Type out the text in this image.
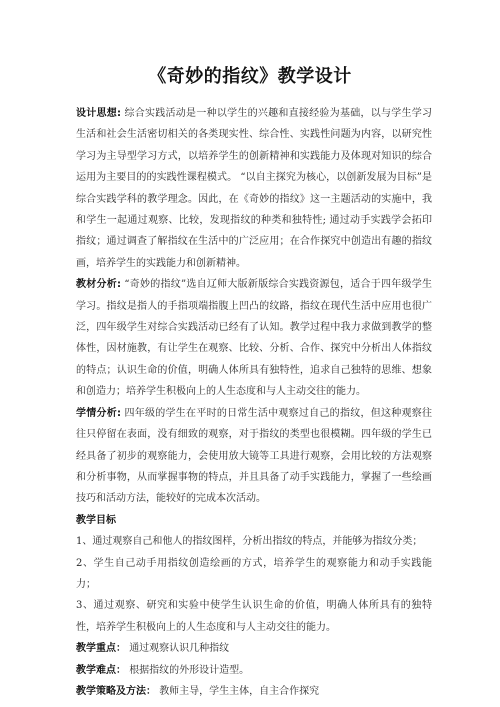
《奇妙的指纹》教学设计

设计思想: 综合实践活动是一种以学生的兴趣和直接经验为基础，以与学生学习生活和社会生活密切相关的各类现实性、综合性、实践性问题为内容，以研究性学习为主导型学习方式，以培养学生的创新精神和实践能力及体现对知识的综合运用为主要目的的实践性课程模式。 “以自主探究为核心，以创新发展为目标”是综合实践学科的教学理念。因此，在《奇妙的指纹》这一主题活动的实施中，我和学生一起通过观察、比较，发现指纹的种类和独特性; 通过动手实践学会拓印指纹；通过调查了解指纹在生活中的广泛应用；在合作探究中创造出有趣的指纹画，培养学生的实践能力和创新精神。

教材分析: “奇妙的指纹”选自辽师大版新版综合实践资源包，适合于四年级学生学习。指纹是指人的手指项端指腹上凹凸的纹路，指纹在现代生活中应用也很广泛，四年级学生对综合实践活动已经有了认知。教学过程中我力求做到教学的整体性，因材施教，有让学生在观察、比较、分析、合作、探究中分析出人体指纹的特点；认识生命的价值，明确人体所具有独特性，追求自己独特的思维、想象和创造力；培养学生积极向上的人生态度和与人主动交往的能力。

学情分析: 四年级的学生在平时的日常生活中观察过自己的指纹，但这种观察往往只停留在表面，没有细致的观察，对于指纹的类型也很模糊。四年级的学生已经具备了初步的观察能力，会使用放大镜等工具进行观察，会用比较的方法观察和分析事物，从而掌握事物的特点，并且具备了动手实践能力，掌握了一些绘画技巧和活动方法，能较好的完成本次活动。

教学目标

1、通过观察自己和他人的指纹图样，分析出指纹的特点，并能够为指纹分类；

2、学生自己动手用指纹创造绘画的方式，培养学生的观察能力和动手实践能力；

3、通过观察、研究和实验中使学生认识生命的价值，明确人体所具有的独特性，培养学生积极向上的人生态度和与人主动交往的能力。

教学重点： 通过观察认识几种指纹

教学难点： 根据指纹的外形设计造型。

教学策略及方法： 教师主导，学生主体，自主合作探究
